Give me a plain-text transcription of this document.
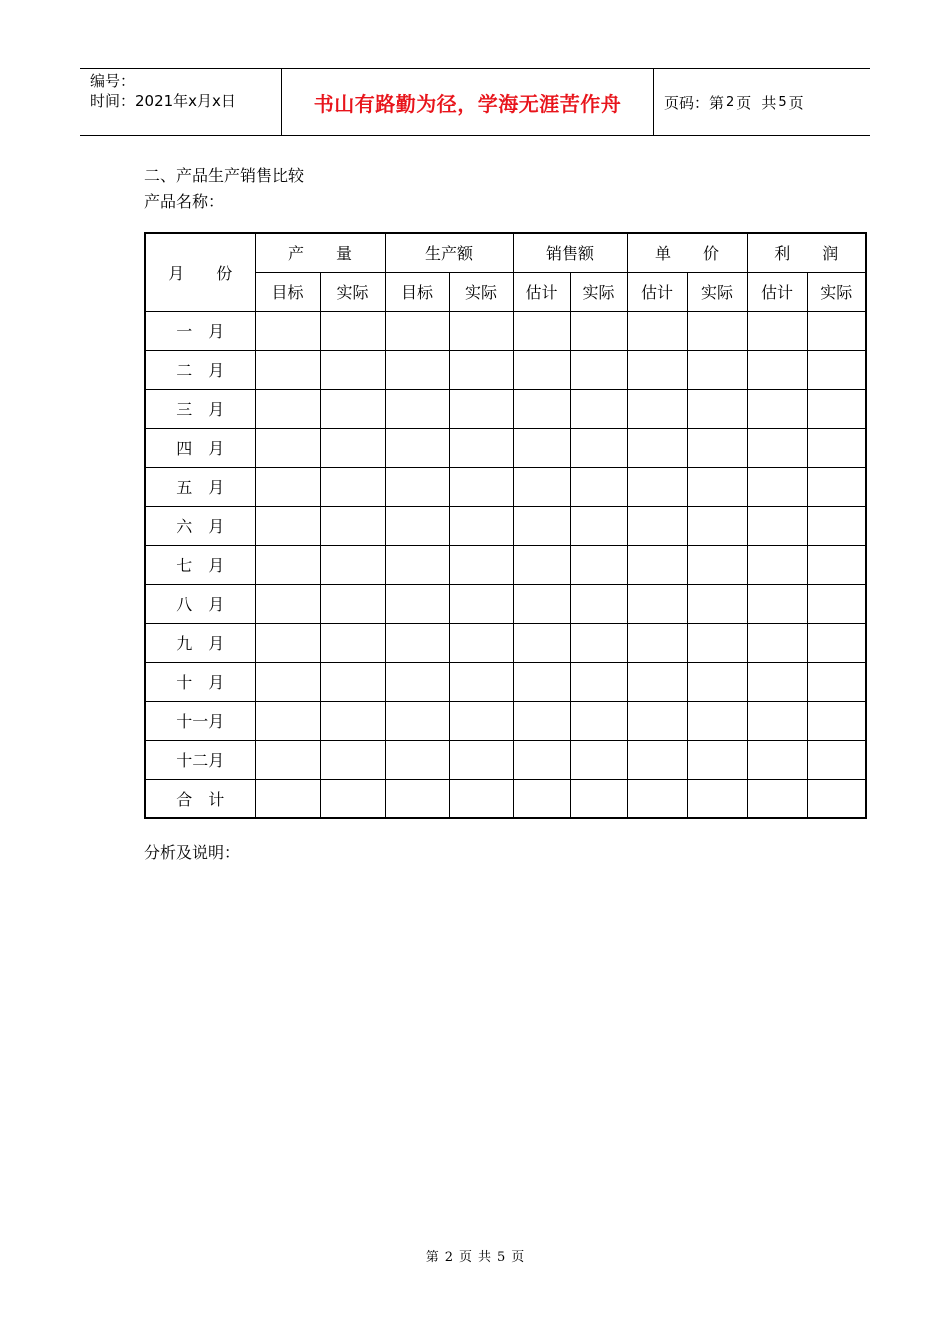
编号：
时间：2021年x月x日	书山有路勤为径，学海无涯苦作舟	页码：第 2 页 共 5 页
二、产品生产销售比较
产品名称：
月　　份	产　　量		生产额		销售额		单　　价		利　　润	
	目标	实际	目标	实际	估计	实际	估计	实际	估计	实际
一　月										
二　月										
三　月										
四　月										
五　月										
六　月										
七　月										
八　月										
九　月										
十　月										
十一月										
十二月										
合　计										
分析及说明：
第 2 页 共 5 页
